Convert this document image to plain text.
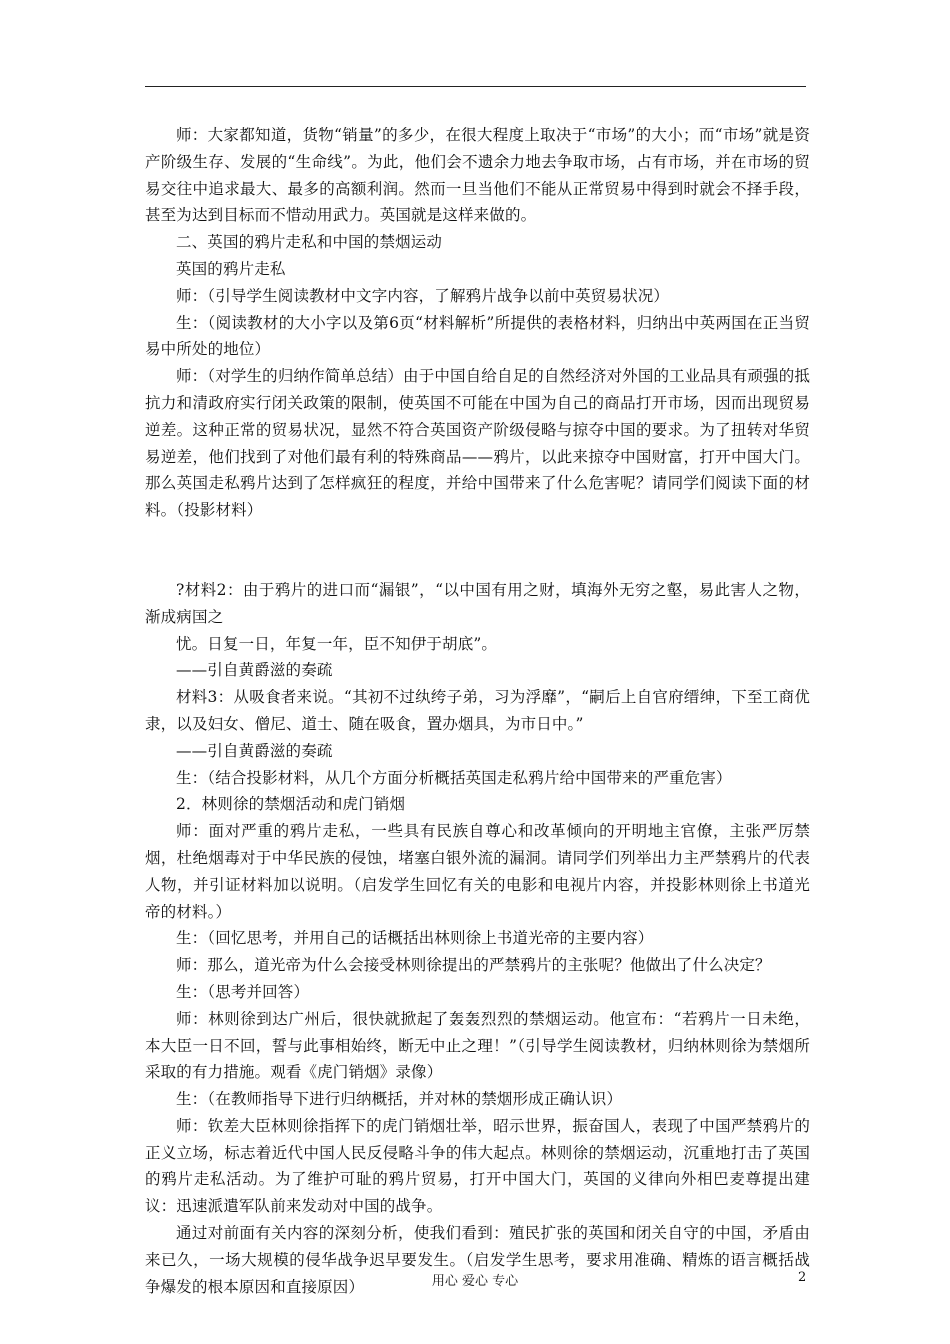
师：大家都知道，货物“销量”的多少，在很大程度上取决于“市场”的大小；而“市场”就是资产阶级生存、发展的“生命线”。为此，他们会不遗余力地去争取市场，占有市场，并在市场的贸易交往中追求最大、最多的高额利润。然而一旦当他们不能从正常贸易中得到时就会不择手段，甚至为达到目标而不惜动用武力。英国就是这样来做的。

二、英国的鸦片走私和中国的禁烟运动

英国的鸦片走私

师：（引导学生阅读教材中文字内容，了解鸦片战争以前中英贸易状况）

生：（阅读教材的大小字以及第6页“材料解析”所提供的表格材料，归纳出中英两国在正当贸易中所处的地位）

师：（对学生的归纳作简单总结）由于中国自给自足的自然经济对外国的工业品具有顽强的抵抗力和清政府实行闭关政策的限制，使英国不可能在中国为自己的商品打开市场，因而出现贸易逆差。这种正常的贸易状况，显然不符合英国资产阶级侵略与掠夺中国的要求。为了扭转对华贸易逆差，他们找到了对他们最有利的特殊商品——鸦片，以此来掠夺中国财富，打开中国大门。那么英国走私鸦片达到了怎样疯狂的程度，并给中国带来了什么危害呢？请同学们阅读下面的材料。（投影材料）

?材料2：由于鸦片的进口而“漏银”，“以中国有用之财，填海外无穷之壑，易此害人之物，渐成病国之

忧。日复一日，年复一年，臣不知伊于胡底”。

——引自黄爵滋的奏疏

材料3：从吸食者来说。“其初不过纨绔子弟，习为浮靡”，“嗣后上自官府缙绅，下至工商优隶，以及妇女、僧尼、道士、随在吸食，置办烟具，为市日中。”

——引自黄爵滋的奏疏

生：（结合投影材料，从几个方面分析概括英国走私鸦片给中国带来的严重危害）

2．林则徐的禁烟活动和虎门销烟

师：面对严重的鸦片走私，一些具有民族自尊心和改革倾向的开明地主官僚，主张严厉禁烟，杜绝烟毒对于中华民族的侵蚀，堵塞白银外流的漏洞。请同学们列举出力主严禁鸦片的代表人物，并引证材料加以说明。（启发学生回忆有关的电影和电视片内容，并投影林则徐上书道光帝的材料。）

生：（回忆思考，并用自己的话概括出林则徐上书道光帝的主要内容）

师：那么，道光帝为什么会接受林则徐提出的严禁鸦片的主张呢？他做出了什么决定？

生：（思考并回答）

师：林则徐到达广州后，很快就掀起了轰轰烈烈的禁烟运动。他宣布：“若鸦片一日未绝，本大臣一日不回，誓与此事相始终，断无中止之理！”（引导学生阅读教材，归纳林则徐为禁烟所采取的有力措施。观看《虎门销烟》录像）

生：（在教师指导下进行归纳概括，并对林的禁烟形成正确认识）

师：钦差大臣林则徐指挥下的虎门销烟壮举，昭示世界，振奋国人，表现了中国严禁鸦片的正义立场，标志着近代中国人民反侵略斗争的伟大起点。林则徐的禁烟运动，沉重地打击了英国的鸦片走私活动。为了维护可耻的鸦片贸易，打开中国大门，英国的义律向外相巴麦尊提出建议：迅速派遣军队前来发动对中国的战争。

通过对前面有关内容的深刻分析，使我们看到：殖民扩张的英国和闭关自守的中国，矛盾由来已久，一场大规模的侵华战争迟早要发生。（启发学生思考，要求用准确、精炼的语言概括战争爆发的根本原因和直接原因）	用心 爱心 专心	2
